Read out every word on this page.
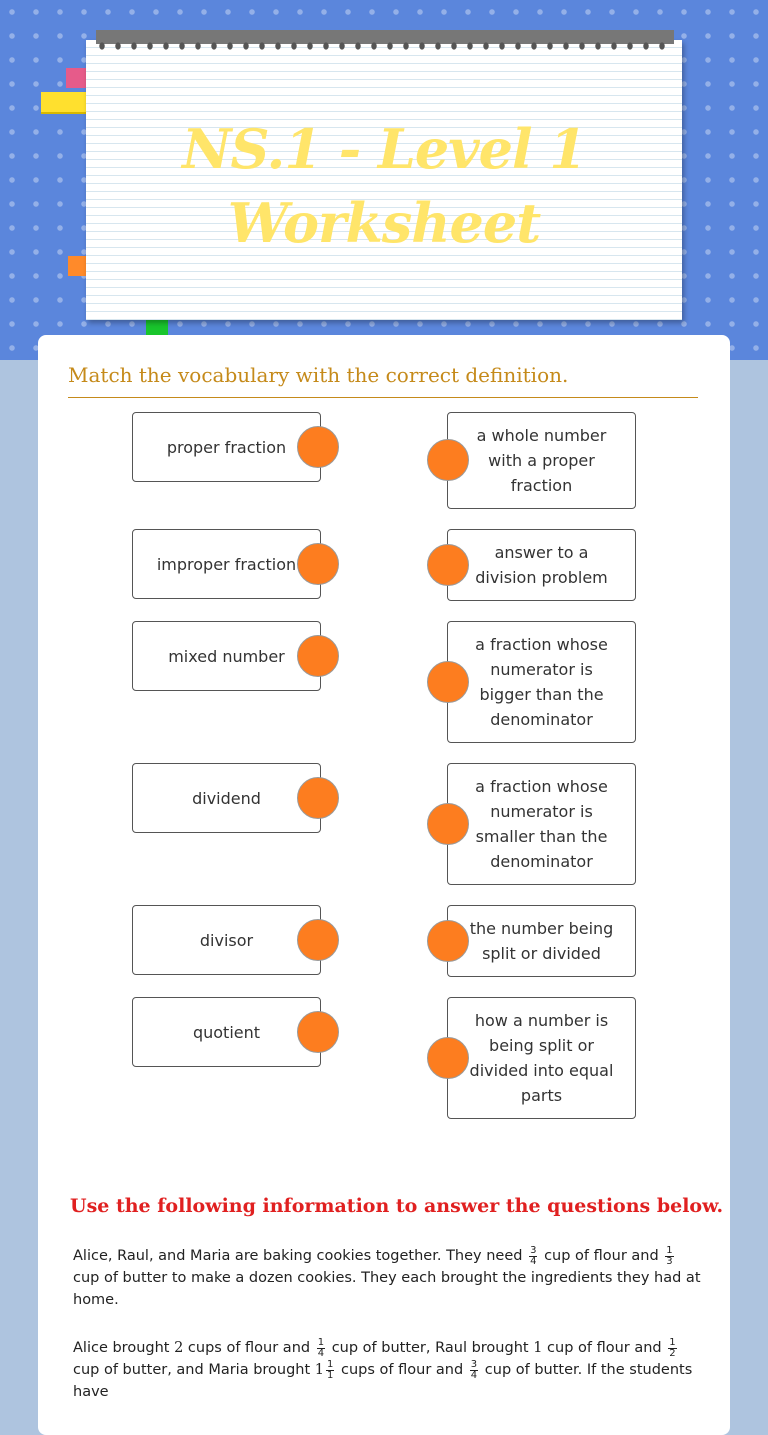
NS.1 - Level 1 Worksheet

Match the vocabulary with the correct definition.

proper fraction
improper fraction
mixed number
dividend
divisor
quotient
a whole number with a proper fraction
answer to a division problem
a fraction whose numerator is bigger than the denominator
a fraction whose numerator is smaller than the denominator
the number being split or divided
how a number is being split or divided into equal parts
Use the following information to answer the questions below.

Alice, Raul, and Maria are baking cookies together. They need $\frac{3}{4}$ cup of flour and $\frac{1}{3}$
cup of butter to make a dozen cookies. They each brought the ingredients they had at home.

Alice brought 2 cups of flour and $\frac{1}{4}$ cup of butter, Raul brought 1 cup of flour and $\frac{1}{2}$
cup of butter, and Maria brought $1 \frac{1}{1}$ cups of flour and $\frac{3}{4}$ cup of butter. If the students have
